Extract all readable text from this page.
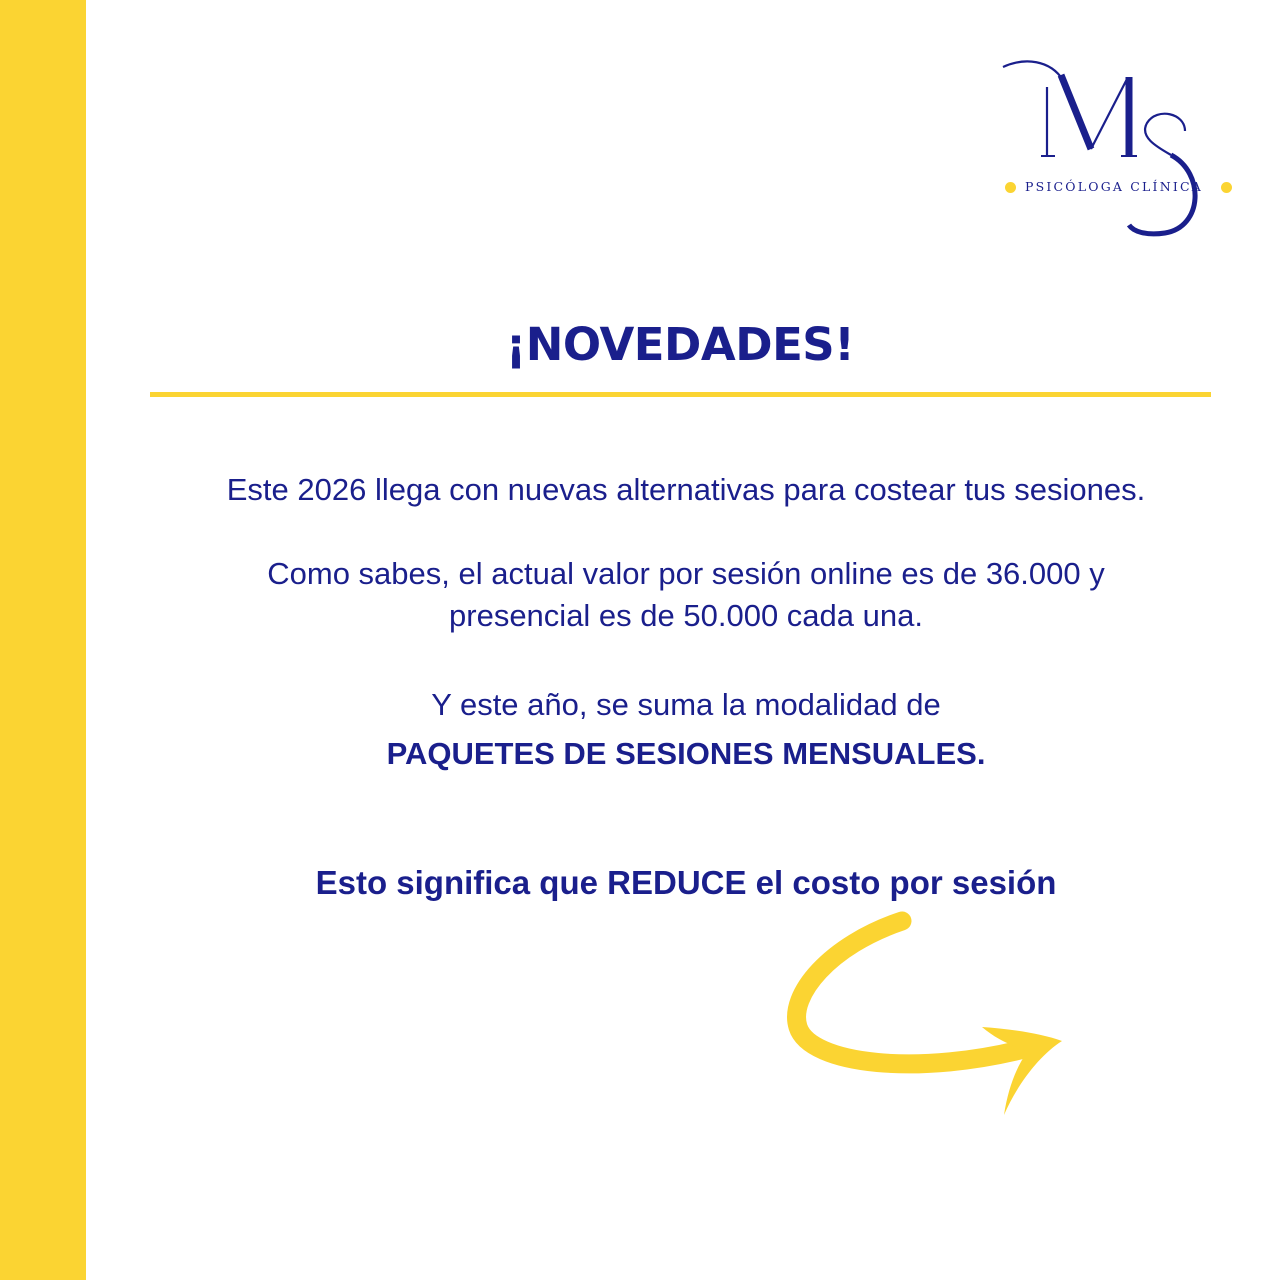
PSICÓLOGA CLÍNICA
¡NOVEDADES!
Este 2026 llega con nuevas alternativas para costear tus sesiones.
Como sabes, el actual valor por sesión online es de 36.000 y
presencial es de 50.000 cada una.
Y este año, se suma la modalidad de
PAQUETES DE SESIONES MENSUALES.
Esto significa que REDUCE el costo por sesión
